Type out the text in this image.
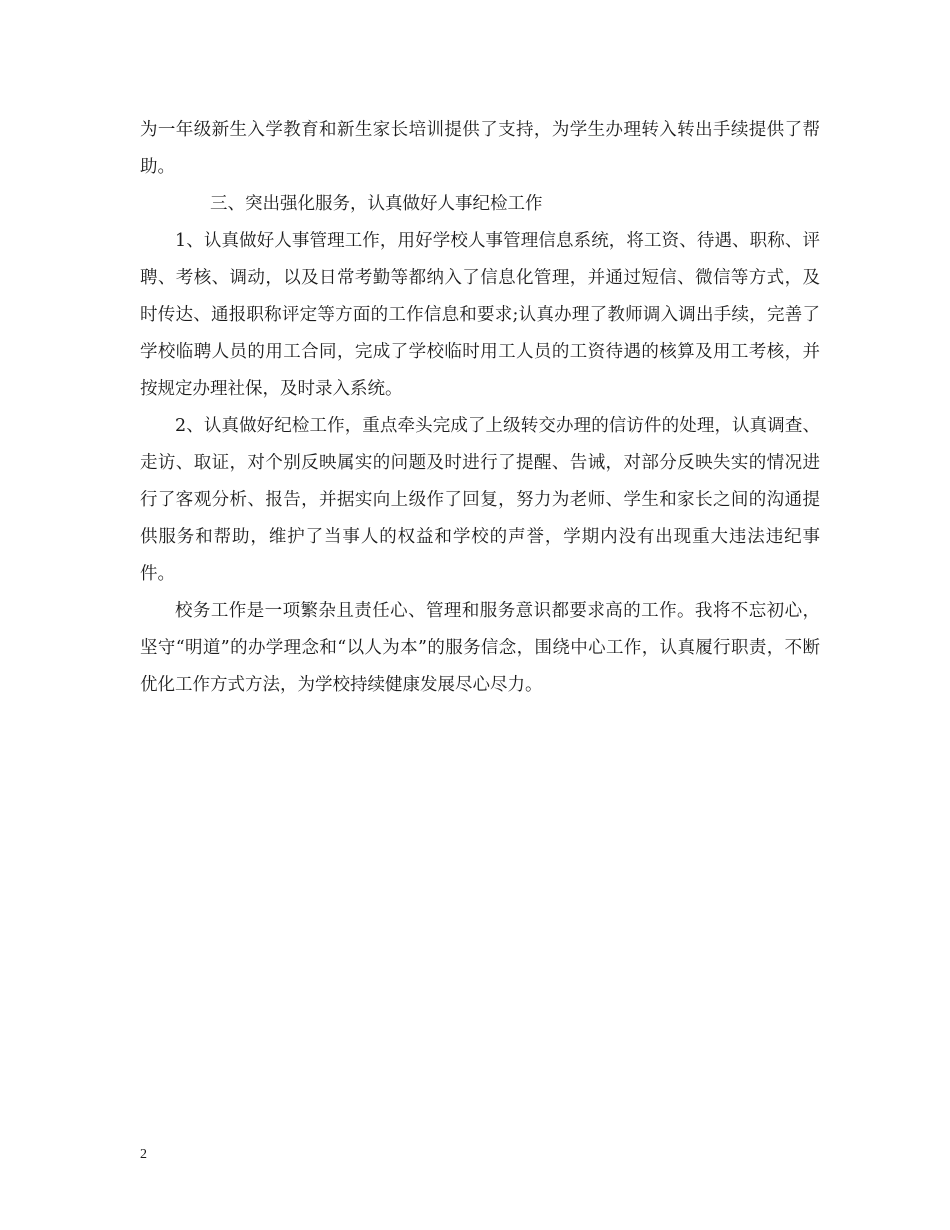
为一年级新生入学教育和新生家长培训提供了支持，为学生办理转入转出手续提供了帮助。

三、突出强化服务，认真做好人事纪检工作

1、认真做好人事管理工作，用好学校人事管理信息系统，将工资、待遇、职称、评聘、考核、调动，以及日常考勤等都纳入了信息化管理，并通过短信、微信等方式，及时传达、通报职称评定等方面的工作信息和要求;认真办理了教师调入调出手续，完善了学校临聘人员的用工合同，完成了学校临时用工人员的工资待遇的核算及用工考核，并按规定办理社保，及时录入系统。

2、认真做好纪检工作，重点牵头完成了上级转交办理的信访件的处理，认真调查、走访、取证，对个别反映属实的问题及时进行了提醒、告诫，对部分反映失实的情况进行了客观分析、报告，并据实向上级作了回复，努力为老师、学生和家长之间的沟通提供服务和帮助，维护了当事人的权益和学校的声誉，学期内没有出现重大违法违纪事件。

校务工作是一项繁杂且责任心、管理和服务意识都要求高的工作。我将不忘初心，坚守“明道”的办学理念和“以人为本”的服务信念，围绕中心工作，认真履行职责，不断优化工作方式方法，为学校持续健康发展尽心尽力。

2
